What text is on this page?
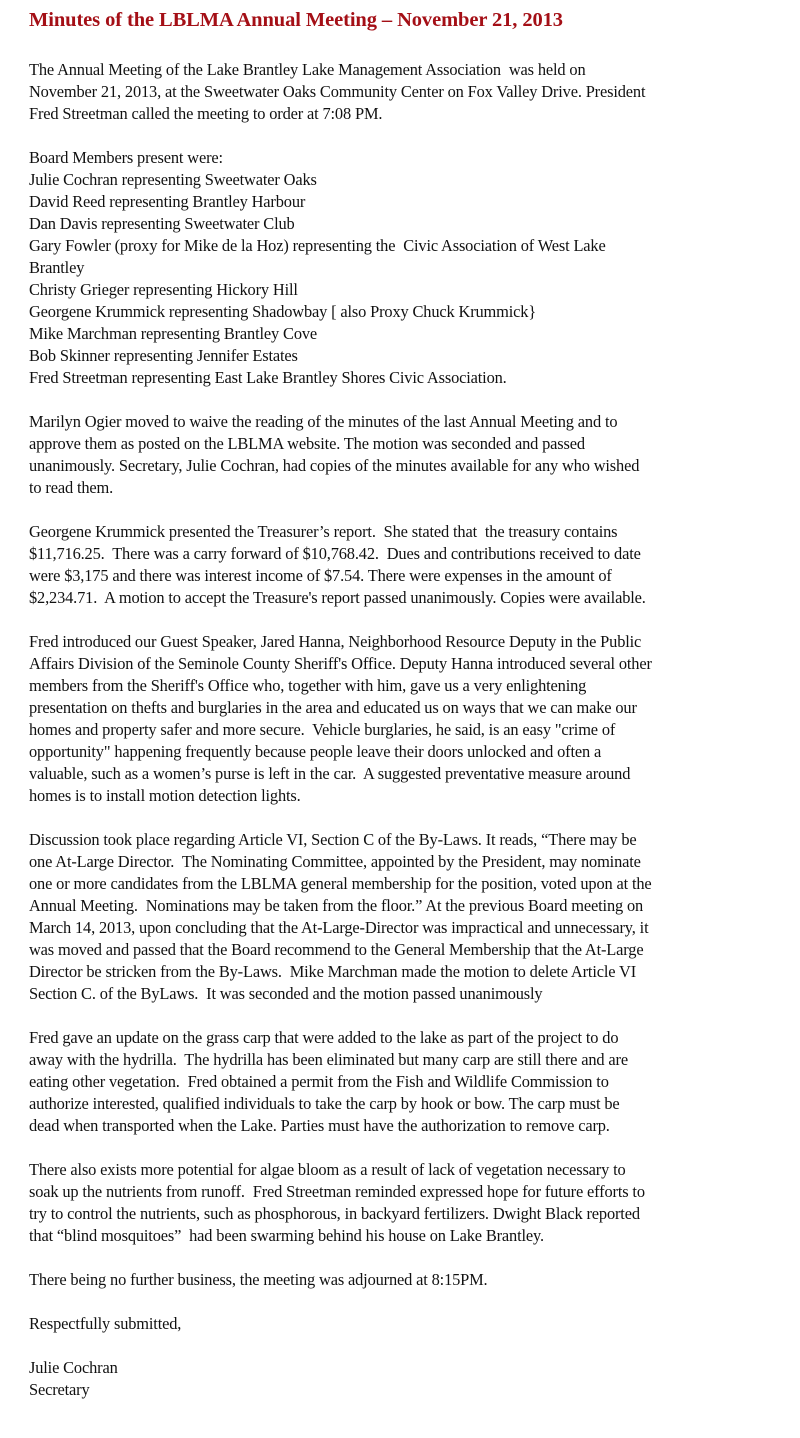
Minutes of the LBLMA Annual Meeting – November 21, 2013
The Annual Meeting of the Lake Brantley Lake Management Association  was held on
November 21, 2013, at the Sweetwater Oaks Community Center on Fox Valley Drive. President
Fred Streetman called the meeting to order at 7:08 PM.
Board Members present were:
Julie Cochran representing Sweetwater Oaks
David Reed representing Brantley Harbour
Dan Davis representing Sweetwater Club
Gary Fowler (proxy for Mike de la Hoz) representing the  Civic Association of West Lake
Brantley
Christy Grieger representing Hickory Hill
Georgene Krummick representing Shadowbay [ also Proxy Chuck Krummick}
Mike Marchman representing Brantley Cove
Bob Skinner representing Jennifer Estates
Fred Streetman representing East Lake Brantley Shores Civic Association.
Marilyn Ogier moved to waive the reading of the minutes of the last Annual Meeting and to
approve them as posted on the LBLMA website. The motion was seconded and passed
unanimously. Secretary, Julie Cochran, had copies of the minutes available for any who wished
to read them.
Georgene Krummick presented the Treasurer’s report.  She stated that  the treasury contains
$11,716.25.  There was a carry forward of $10,768.42.  Dues and contributions received to date
were $3,175 and there was interest income of $7.54. There were expenses in the amount of
$2,234.71.  A motion to accept the Treasure's report passed unanimously. Copies were available.
Fred introduced our Guest Speaker, Jared Hanna, Neighborhood Resource Deputy in the Public
Affairs Division of the Seminole County Sheriff's Office. Deputy Hanna introduced several other
members from the Sheriff's Office who, together with him, gave us a very enlightening
presentation on thefts and burglaries in the area and educated us on ways that we can make our
homes and property safer and more secure.  Vehicle burglaries, he said, is an easy "crime of
opportunity" happening frequently because people leave their doors unlocked and often a
valuable, such as a women’s purse is left in the car.  A suggested preventative measure around
homes is to install motion detection lights.
Discussion took place regarding Article VI, Section C of the By-Laws. It reads, “There may be
one At-Large Director.  The Nominating Committee, appointed by the President, may nominate
one or more candidates from the LBLMA general membership for the position, voted upon at the
Annual Meeting.  Nominations may be taken from the floor.” At the previous Board meeting on
March 14, 2013, upon concluding that the At-Large-Director was impractical and unnecessary, it
was moved and passed that the Board recommend to the General Membership that the At-Large
Director be stricken from the By-Laws.  Mike Marchman made the motion to delete Article VI
Section C. of the ByLaws.  It was seconded and the motion passed unanimously
Fred gave an update on the grass carp that were added to the lake as part of the project to do
away with the hydrilla.  The hydrilla has been eliminated but many carp are still there and are
eating other vegetation.  Fred obtained a permit from the Fish and Wildlife Commission to
authorize interested, qualified individuals to take the carp by hook or bow. The carp must be
dead when transported when the Lake. Parties must have the authorization to remove carp.
There also exists more potential for algae bloom as a result of lack of vegetation necessary to
soak up the nutrients from runoff.  Fred Streetman reminded expressed hope for future efforts to
try to control the nutrients, such as phosphorous, in backyard fertilizers. Dwight Black reported
that “blind mosquitoes”  had been swarming behind his house on Lake Brantley.
There being no further business, the meeting was adjourned at 8:15PM.
Respectfully submitted,
Julie Cochran
Secretary
